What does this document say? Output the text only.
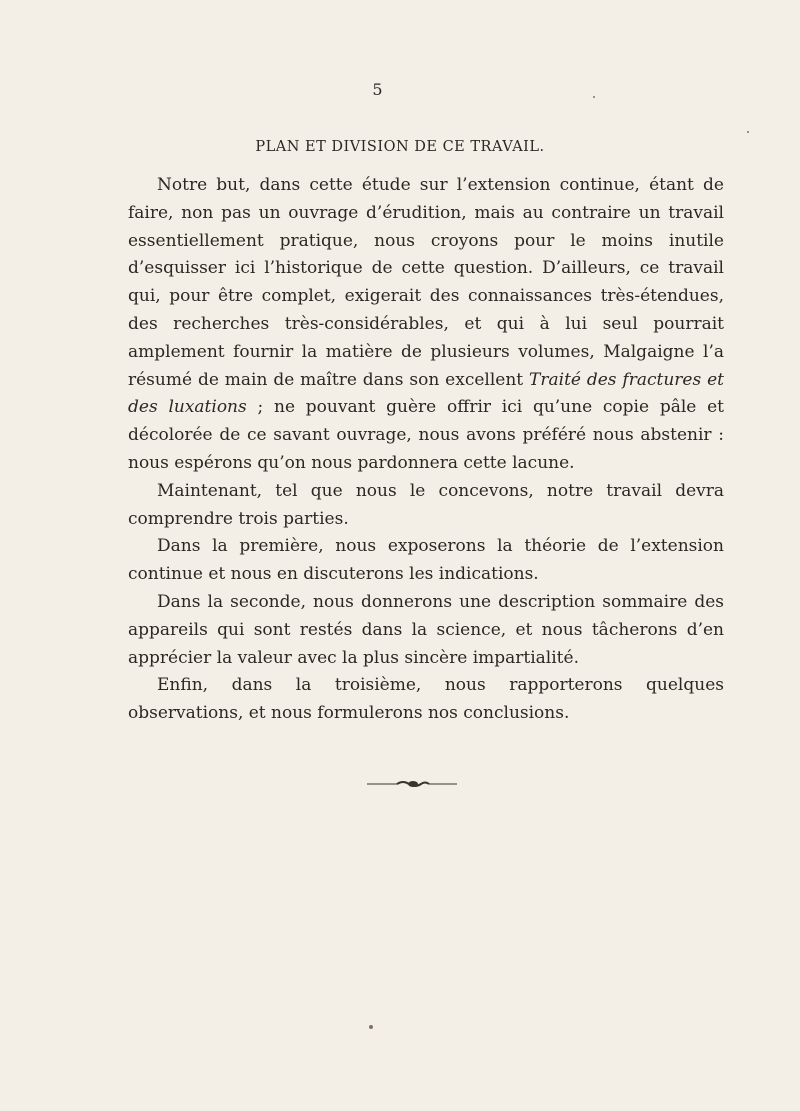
5
PLAN ET DIVISION DE CE TRAVAIL.

Notre but, dans cette étude sur l’extension continue, étant de faire, non pas un ouvrage d’érudition, mais au contraire un travail essentiellement pratique, nous croyons pour le moins inutile d’esquisser ici l’historique de cette question. D’ailleurs, ce travail qui, pour être complet, exigerait des connaissances très-étendues, des recherches très-considérables, et qui à lui seul pourrait amplement fournir la matière de plusieurs volumes, Malgaigne l’a résumé de main de maître dans son excellent Traité des fractures et des luxations ; ne pouvant guère offrir ici qu’une copie pâle et décolorée de ce savant ouvrage, nous avons préféré nous abstenir : nous espérons qu’on nous pardonnera cette lacune.

Maintenant, tel que nous le concevons, notre travail devra comprendre trois parties.

Dans la première, nous exposerons la théorie de l’extension continue et nous en discuterons les indications.

Dans la seconde, nous donnerons une description sommaire des appareils qui sont restés dans la science, et nous tâcherons d’en apprécier la valeur avec la plus sincère impartialité.

Enfin, dans la troisième, nous rapporterons quelques observations, et nous formulerons nos conclusions.
